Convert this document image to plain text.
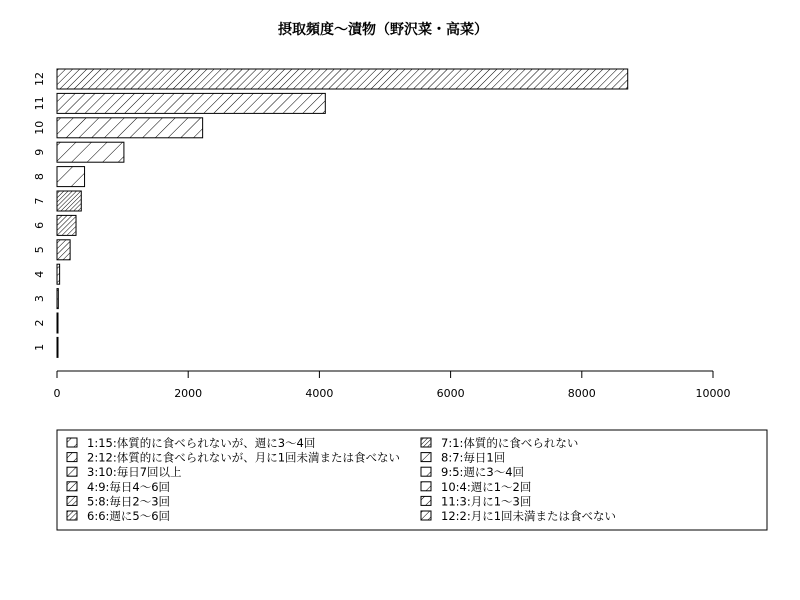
摂取頻度～漬物（野沢菜・高菜）
1
2
3
4
5
6
7
8
9
10
11
12
0	2000	4000	6000	8000	10000
1:15:体質的に食べられないが、週に3～4回
2:12:体質的に食べられないが、月に1回未満または食べない
3:10:毎日7回以上
4:9:毎日4～6回
5:8:毎日2～3回
6:6:週に5～6回
7:1:体質的に食べられない
8:7:毎日1回
9:5:週に3～4回
10:4:週に1～2回
11:3:月に1～3回
12:2:月に1回未満または食べない
